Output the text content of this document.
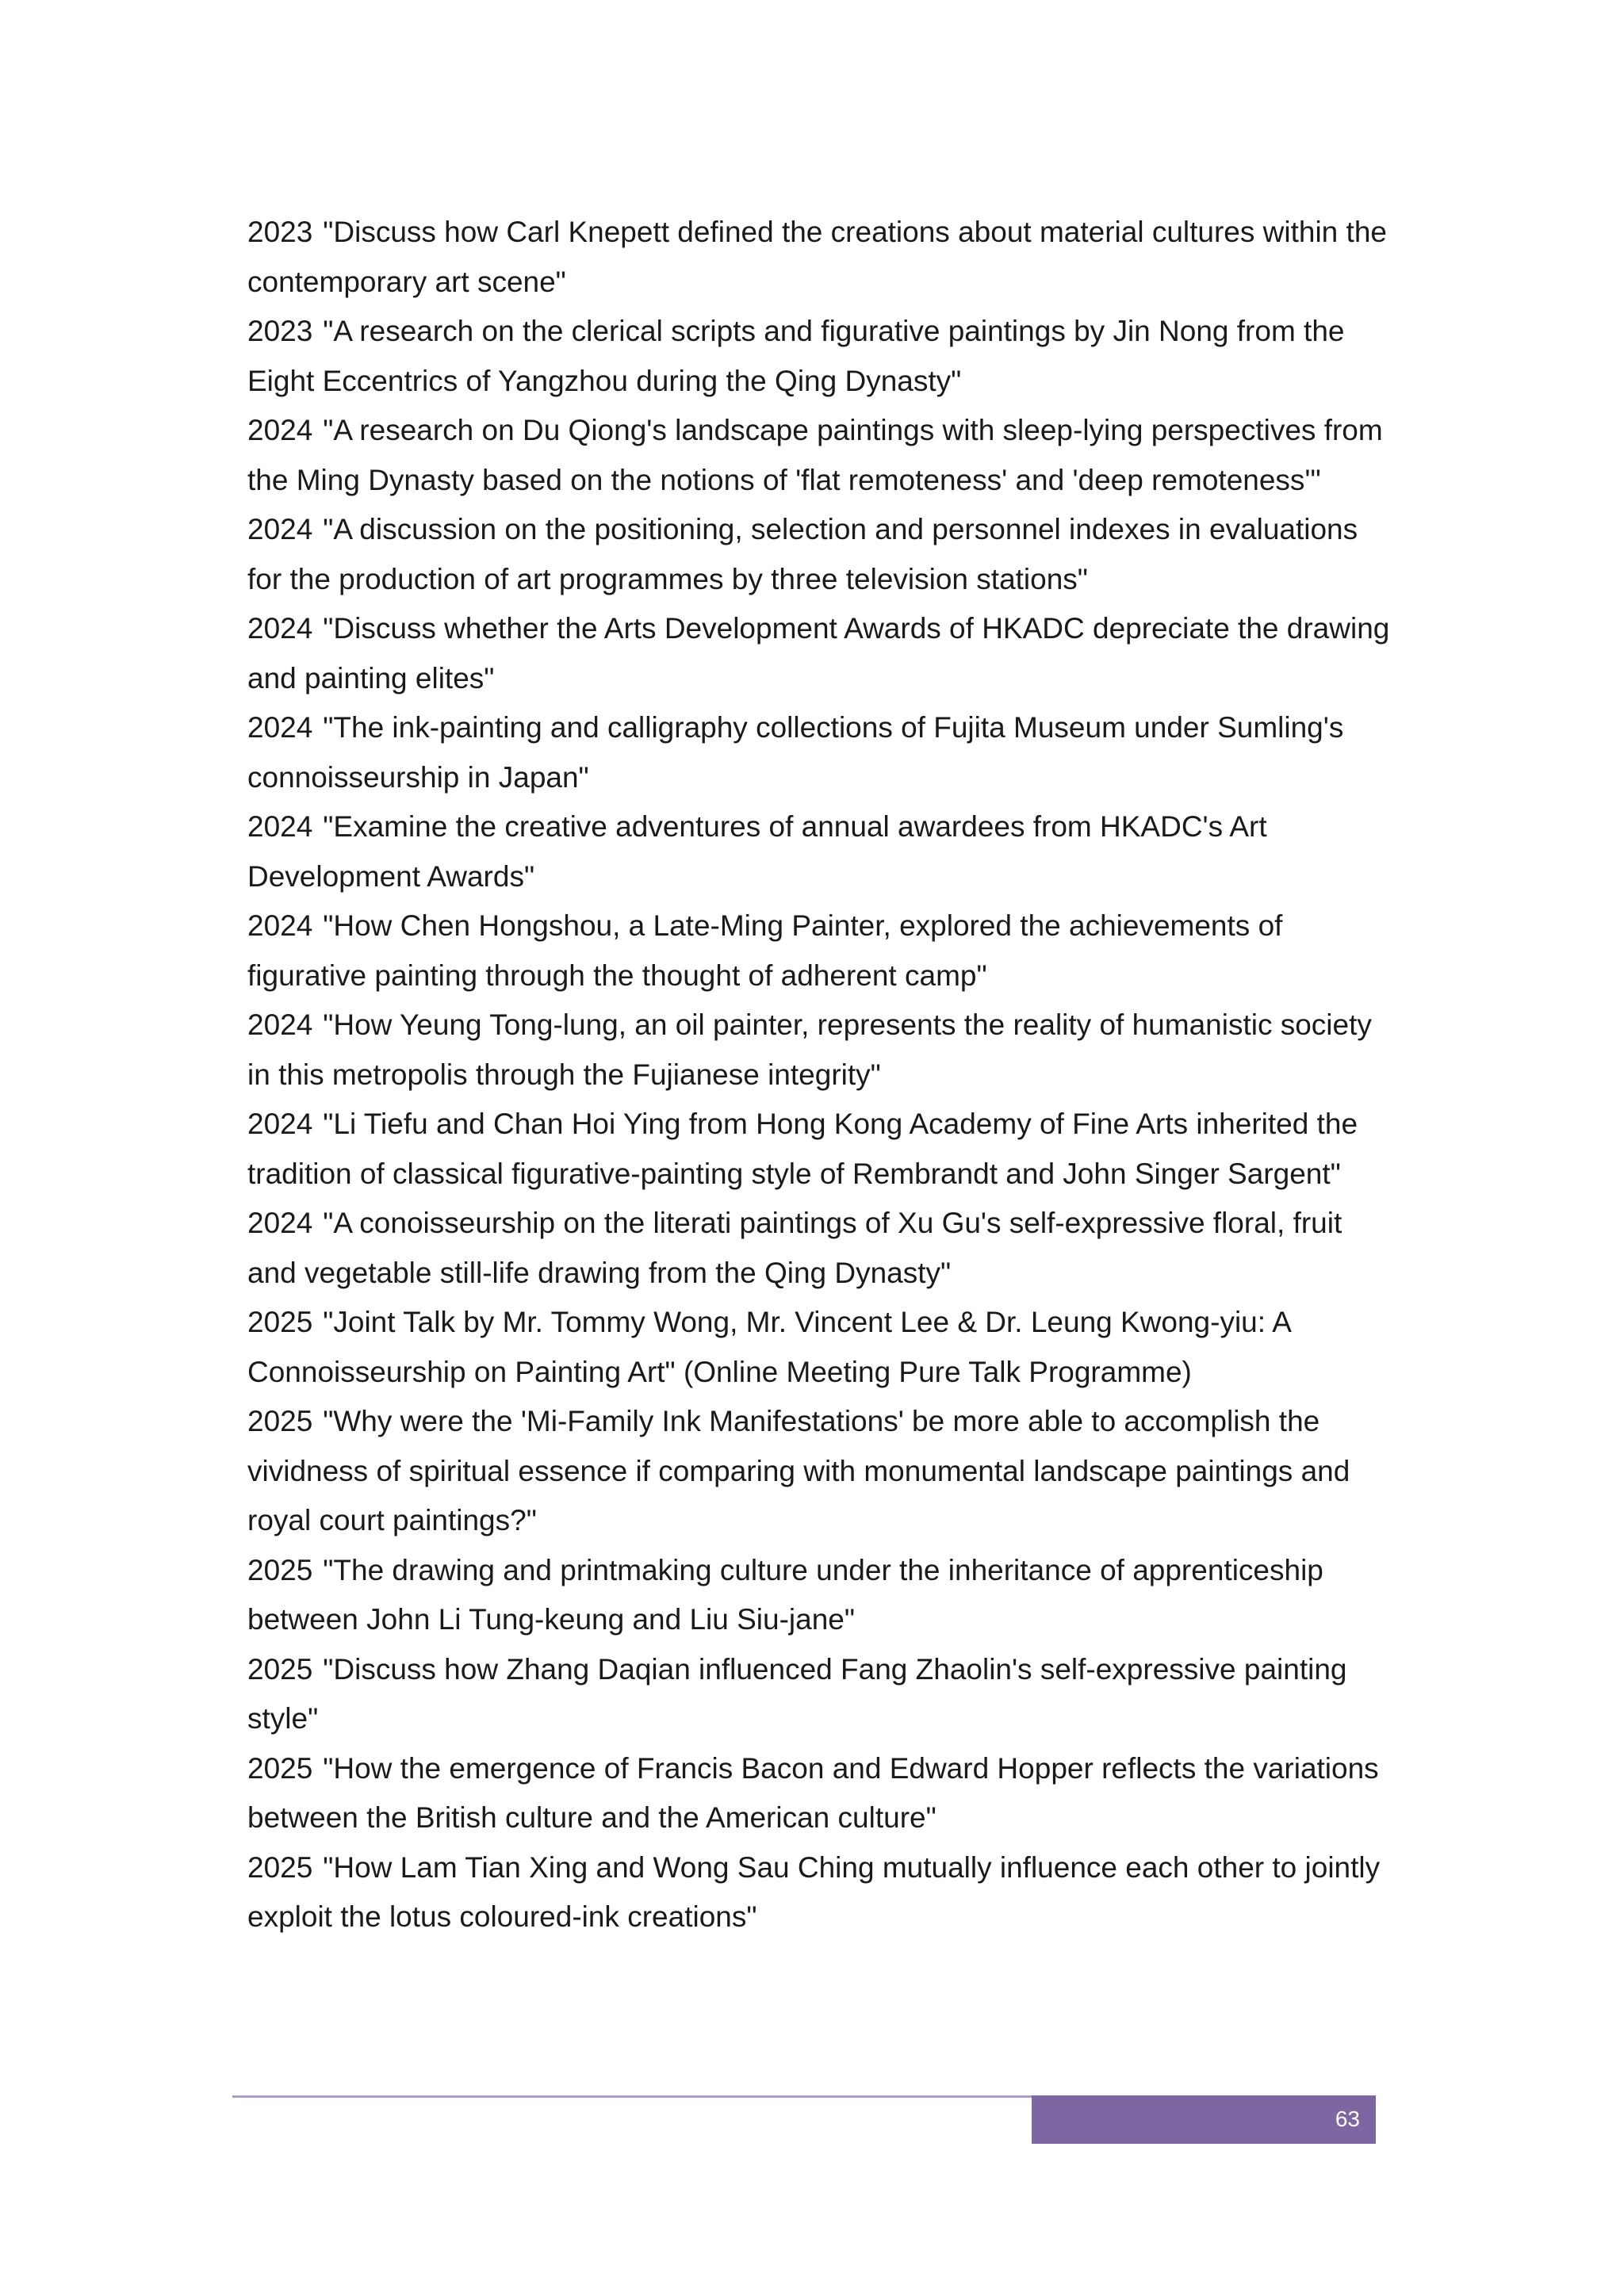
2023 "Discuss how Carl Knepett defined the creations about material cultures within the contemporary art scene"
2023 "A research on the clerical scripts and figurative paintings by Jin Nong from the Eight Eccentrics of Yangzhou during the Qing Dynasty"
2024 "A research on Du Qiong's landscape paintings with sleep-lying perspectives from the Ming Dynasty based on the notions of 'flat remoteness' and 'deep remoteness'"
2024 "A discussion on the positioning, selection and personnel indexes in evaluations for the production of art programmes by three television stations"
2024 "Discuss whether the Arts Development Awards of HKADC depreciate the drawing and painting elites"
2024 "The ink-painting and calligraphy collections of Fujita Museum under Sumling's connoisseurship in Japan"
2024 "Examine the creative adventures of annual awardees from HKADC's Art Development Awards"
2024 "How Chen Hongshou, a Late-Ming Painter, explored the achievements of figurative painting through the thought of adherent camp"
2024 "How Yeung Tong-lung, an oil painter, represents the reality of humanistic society in this metropolis through the Fujianese integrity"
2024 "Li Tiefu and Chan Hoi Ying from Hong Kong Academy of Fine Arts inherited the tradition of classical figurative-painting style of Rembrandt and John Singer Sargent"
2024 "A conoisseurship on the literati paintings of Xu Gu's self-expressive floral, fruit and vegetable still-life drawing from the Qing Dynasty"
2025 "Joint Talk by Mr. Tommy Wong, Mr. Vincent Lee & Dr. Leung Kwong-yiu: A Connoisseurship on Painting Art" (Online Meeting Pure Talk Programme)
2025 "Why were the 'Mi-Family Ink Manifestations' be more able to accomplish the vividness of spiritual essence if comparing with monumental landscape paintings and royal court paintings?"
2025 "The drawing and printmaking culture under the inheritance of apprenticeship between John Li Tung-keung and Liu Siu-jane"
2025 "Discuss how Zhang Daqian influenced Fang Zhaolin's self-expressive painting style"
2025 "How the emergence of Francis Bacon and Edward Hopper reflects the variations between the British culture and the American culture"
2025 "How Lam Tian Xing and Wong Sau Ching mutually influence each other to jointly exploit the lotus coloured-ink creations"
63
